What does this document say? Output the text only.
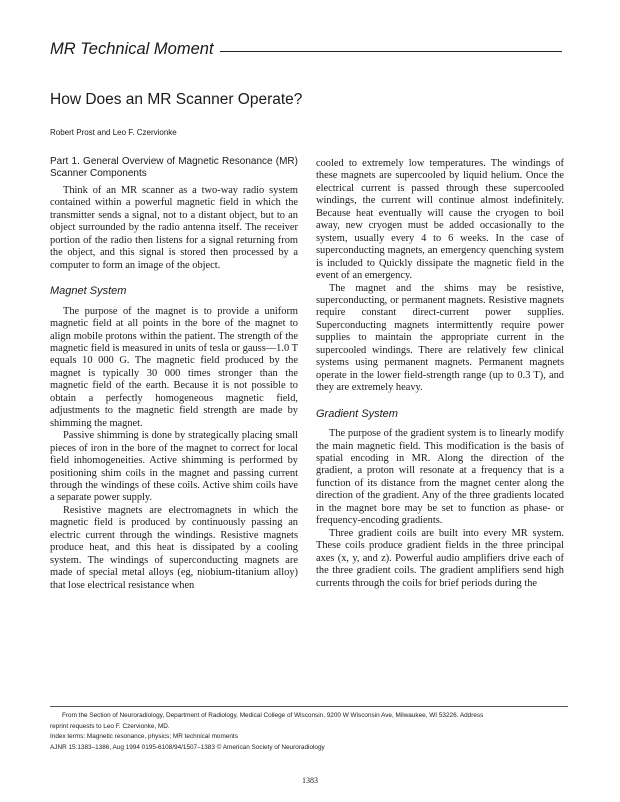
MR Technical Moment
How Does an MR Scanner Operate?
Robert Prost and Leo F. Czervionke
Part 1. General Overview of Magnetic Resonance (MR) Scanner Components

Think of an MR scanner as a two-way radio system contained within a powerful magnetic field in which the transmitter sends a signal, not to a distant object, but to an object surrounded by the radio antenna itself. The receiver portion of the radio then listens for a signal returning from the object, and this signal is stored then processed by a computer to form an image of the object.

Magnet System

The purpose of the magnet is to provide a uniform magnetic field at all points in the bore of the magnet to align mobile protons within the patient. The strength of the magnetic field is measured in units of tesla or gauss—1.0 T equals 10 000 G. The magnetic field produced by the magnet is typically 30 000 times stronger than the magnetic field of the earth. Because it is not possible to obtain a perfectly homogeneous magnetic field, adjustments to the magnetic field strength are made by shimming the magnet.

Passive shimming is done by strategically placing small pieces of iron in the bore of the magnet to correct for local field inhomogeneities. Active shimming is performed by positioning shim coils in the magnet and passing current through the windings of these coils. Active shim coils have a separate power supply.

Resistive magnets are electromagnets in which the magnetic field is produced by continuously passing an electric current through the windings. Resistive magnets produce heat, and this heat is dissipated by a cooling system. The windings of superconducting magnets are made of special metal alloys (eg, niobium-titanium alloy) that lose electrical resistance when

cooled to extremely low temperatures. The windings of these magnets are supercooled by liquid helium. Once the electrical current is passed through these supercooled windings, the current will continue almost indefinitely. Because heat eventually will cause the cryogen to boil away, new cryogen must be added occasionally to the system, usually every 4 to 6 weeks. In the case of superconducting magnets, an emergency quenching system is included to Quickly dissipate the magnetic field in the event of an emergency.

The magnet and the shims may be resistive, superconducting, or permanent magnets. Resistive magnets require constant direct-current power supplies. Superconducting magnets intermittently require power supplies to maintain the appropriate current in the supercooled windings. There are relatively few clinical systems using permanent magnets. Permanent magnets operate in the lower field-strength range (up to 0.3 T), and they are extremely heavy.

Gradient System

The purpose of the gradient system is to linearly modify the main magnetic field. This modification is the basis of spatial encoding in MR. Along the direction of the gradient, a proton will resonate at a frequency that is a function of its distance from the magnet center along the direction of the gradient. Any of the three gradients located in the magnet bore may be set to function as phase- or frequency-encoding gradients.

Three gradient coils are built into every MR system. These coils produce gradient fields in the three principal axes (x, y, and z). Powerful audio amplifiers drive each of the three gradient coils. The gradient amplifiers send high currents through the coils for brief periods during the

From the Section of Neuroradiology, Department of Radiology, Medical College of Wisconsin, 9200 W Wisconsin Ave, Milwaukee, WI 53226. Address
reprint requests to Leo F. Czervionke, MD.
Index terms: Magnetic resonance, physics; MR technical moments
AJNR 15:1383–1386, Aug 1994 0195-6108/94/1507–1383 © American Society of Neuroradiology
1383
